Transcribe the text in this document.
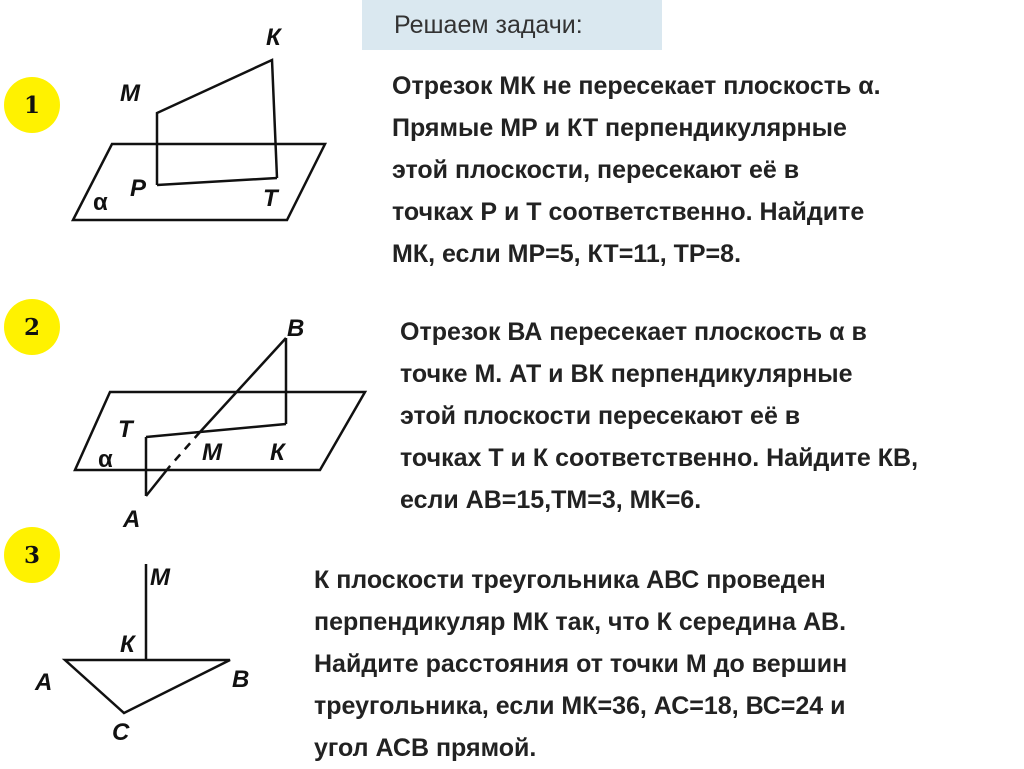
Решаем задачи:
1
2
3
К
М
Р	Т
α
В
Т
М К
А
α
М
К
А	В
С
Отрезок МК не пересекает плоскость α.
Прямые МР и КТ перпендикулярные
этой плоскости, пересекают её в
точках Р и Т соответственно. Найдите
МК, если МР=5, КТ=11, ТР=8.
Отрезок ВА пересекает плоскость α в
точке М. АТ и ВК перпендикулярные
этой плоскости пересекают её в
точках Т и К соответственно. Найдите КВ,
если АВ=15,ТМ=3, МК=6.
К плоскости треугольника АВС проведен
перпендикуляр МК так, что К середина АВ.
Найдите расстояния от точки М до вершин
треугольника, если МК=36, АС=18, ВС=24 и
угол АСВ прямой.
